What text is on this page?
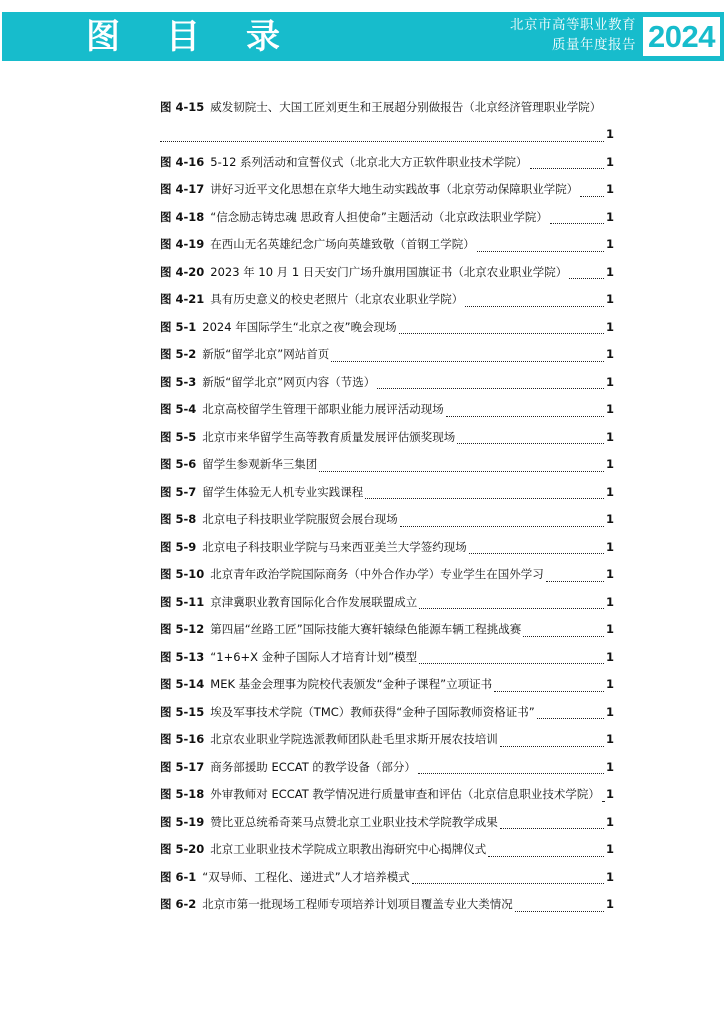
图	目	录	北京市高等职业教育
质量年度报告 2024
图 4-15 威发韧院士、大国工匠刘更生和王展超分别做报告（北京经济管理职业学院）
1
图 4-16 5-12 系列活动和宣誓仪式（北京北大方正软件职业技术学院）	1
图 4-17 讲好习近平文化思想在京华大地生动实践故事（北京劳动保障职业学院） 1
图 4-18 “信念励志铸忠魂 思政育人担使命”主题活动（北京政法职业学院）	1
图 4-19 在西山无名英雄纪念广场向英雄致敬（首钢工学院）	1
图 4-20 2023 年 10 月 1 日天安门广场升旗用国旗证书（北京农业职业学院）	1
图 4-21 具有历史意义的校史老照片（北京农业职业学院）	1
图 5-1 2024 年国际学生“北京之夜”晚会现场	1
图 5-2 新版“留学北京”网站首页	1
图 5-3 新版“留学北京”网页内容（节选）	1
图 5-4 北京高校留学生管理干部职业能力展评活动现场	1
图 5-5 北京市来华留学生高等教育质量发展评估颁奖现场	1
图 5-6 留学生参观新华三集团	1
图 5-7 留学生体验无人机专业实践课程	1
图 5-8 北京电子科技职业学院服贸会展台现场	1
图 5-9 北京电子科技职业学院与马来西亚美兰大学签约现场	1
图 5-10 北京青年政治学院国际商务（中外合作办学）专业学生在国外学习	1
图 5-11 京津冀职业教育国际化合作发展联盟成立	1
图 5-12 第四届“丝路工匠”国际技能大赛轩辕绿色能源车辆工程挑战赛	1
图 5-13 “1+6+X 金种子国际人才培育计划”模型	1
图 5-14 MEK 基金会理事为院校代表颁发“金种子课程”立项证书	1
图 5-15 埃及军事技术学院（TMC）教师获得“金种子国际教师资格证书”	1
图 5-16 北京农业职业学院选派教师团队赴毛里求斯开展农技培训	1
图 5-17 商务部援助 ECCAT 的教学设备（部分）	1
图 5-18 外审教师对 ECCAT 教学情况进行质量审查和评估（北京信息职业技术学院） 1
图 5-19 赞比亚总统希奇莱马点赞北京工业职业技术学院教学成果	1
图 5-20 北京工业职业技术学院成立职教出海研究中心揭牌仪式	1
图 6-1 “双导师、工程化、递进式”人才培养模式	1
图 6-2 北京市第一批现场工程师专项培养计划项目覆盖专业大类情况	1
